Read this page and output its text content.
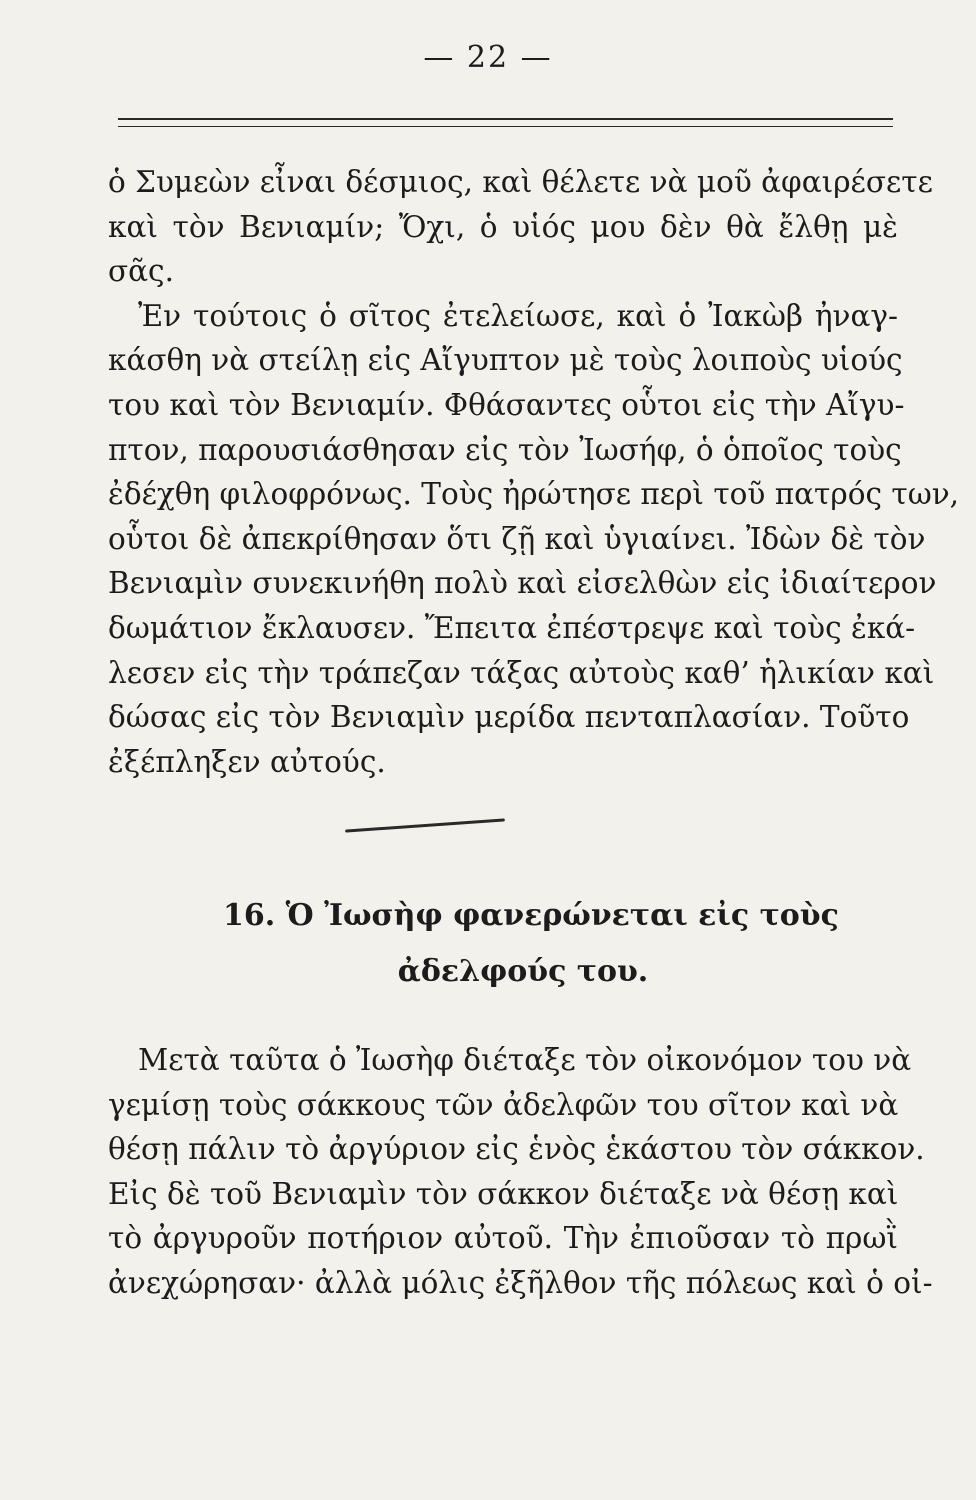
— 22 —
ὁ Συμεὼν εἶναι δέσμιος, καὶ θέλετε νὰ μοῦ ἀφαιρέσετε
καὶ τὸν Βενιαμίν; Ὄχι, ὁ υἱός μου δὲν θὰ ἔλθῃ μὲ
σᾶς.
Ἐν τούτοις ὁ σῖτος ἐτελείωσε, καὶ ὁ Ἰακὼβ ἠναγ-
κάσθη νὰ στείλῃ εἰς Αἴγυπτον μὲ τοὺς λοιποὺς υἱούς
του καὶ τὸν Βενιαμίν. Φθάσαντες οὗτοι εἰς τὴν Αἴγυ-
πτον, παρουσιάσθησαν εἰς τὸν Ἰωσήφ, ὁ ὁποῖος τοὺς
ἐδέχθη φιλοφρόνως. Τοὺς ἠρώτησε περὶ τοῦ πατρός των,
οὗτοι δὲ ἀπεκρίθησαν ὅτι ζῇ καὶ ὑγιαίνει. Ἰδὼν δὲ τὸν
Βενιαμὶν συνεκινήθη πολὺ καὶ εἰσελθὼν εἰς ἰδιαίτερον
δωμάτιον ἔκλαυσεν. Ἔπειτα ἐπέστρεψε καὶ τοὺς ἐκά-
λεσεν εἰς τὴν τράπεζαν τάξας αὐτοὺς καθ’ ἡλικίαν καὶ
δώσας εἰς τὸν Βενιαμὶν μερίδα πενταπλασίαν. Τοῦτο
ἐξέπληξεν αὐτούς.
16. Ὁ Ἰωσὴφ φανερώνεται εἰς τοὺς
ἀδελφούς του.
Μετὰ ταῦτα ὁ Ἰωσὴφ διέταξε τὸν οἰκονόμον του νὰ
γεμίσῃ τοὺς σάκκους τῶν ἀδελφῶν του σῖτον καὶ νὰ
θέσῃ πάλιν τὸ ἀργύριον εἰς ἑνὸς ἑκάστου τὸν σάκκον.
Εἰς δὲ τοῦ Βενιαμὶν τὸν σάκκον διέταξε νὰ θέσῃ καὶ
τὸ ἀργυροῦν ποτήριον αὐτοῦ. Τὴν ἐπιοῦσαν τὸ πρωῒ
ἀνεχώρησαν· ἀλλὰ μόλις ἐξῆλθον τῆς πόλεως καὶ ὁ οἰ-
